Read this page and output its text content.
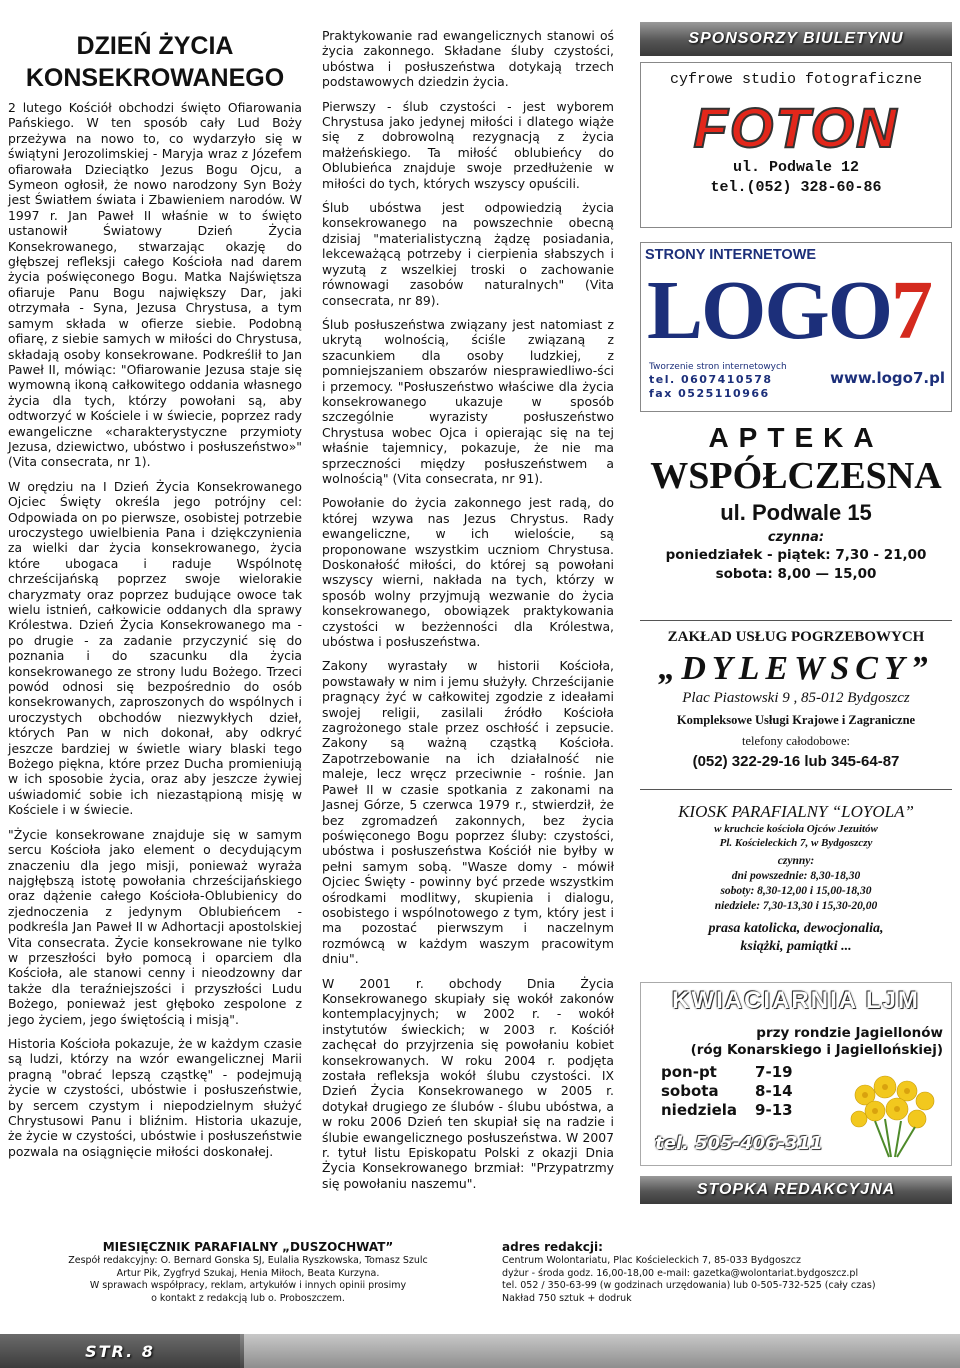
DZIEŃ ŻYCIA KONSEKROWANEGO

2 lutego Kościół obchodzi święto Ofiarowania Pańskiego. W ten sposób cały Lud Boży przeżywa na nowo to, co wydarzyło się w świątyni Jerozolimskiej - Maryja wraz z Józefem ofiarowała Dzieciątko Jezus Bogu Ojcu, a Symeon ogłosił, że nowo narodzony Syn Boży jest Światłem świata i Zbawieniem narodów. W 1997 r. Jan Paweł II właśnie w to święto ustanowił Światowy Dzień Życia Konsekrowanego, stwarzając okazję do głębszej refleksji całego Kościoła nad darem życia poświęconego Bogu. Matka Najświętsza ofiaruje Panu Bogu największy Dar, jaki otrzymała - Syna, Jezusa Chrystusa, a tym samym składa w ofierze siebie. Podobną ofiarę, z siebie samych w miłości do Chrystusa, składają osoby konsekrowane. Podkreślił to Jan Paweł II, mówiąc: "Ofiarowanie Jezusa staje się wymowną ikoną całkowitego oddania własnego życia dla tych, którzy powołani są, aby odtworzyć w Kościele i w świecie, poprzez rady ewangeliczne «charakterystyczne przymioty Jezusa, dziewictwo, ubóstwo i posłuszeństwo»" (Vita consecrata, nr 1).

W orędziu na I Dzień Życia Konsekrowanego Ojciec Święty określa jego potrójny cel: Odpowiada on po pierwsze, osobistej potrzebie uroczystego uwielbienia Pana i dziękczynienia za wielki dar życia konsekrowanego, życia które ubogaca i raduje Wspólnotę chrześcijańską poprzez swoje wielorakie charyzmaty oraz poprzez budujące owoce tak wielu istnień, całkowicie oddanych dla sprawy Królestwa. Dzień Życia Konsekrowanego ma - po drugie - za zadanie przyczynić się do poznania i do szacunku dla życia konsekrowanego ze strony ludu Bożego. Trzeci powód odnosi się bezpośrednio do osób konsekrowanych, zaproszonych do wspólnych i uroczystych obchodów niezwykłych dzieł, których Pan w nich dokonał, aby odkryć jeszcze bardziej w świetle wiary blaski tego Bożego piękna, które przez Ducha promieniują w ich sposobie życia, oraz aby jeszcze żywiej uświadomić sobie ich niezastąpioną misję w Kościele i w świecie.

"Życie konsekrowane znajduje się w samym sercu Kościoła jako element o decydującym znaczeniu dla jego misji, ponieważ wyraża najgłębszą istotę powołania chrześcijańskiego oraz dążenie całego Kościoła-Oblubienicy do zjednoczenia z jedynym Oblubieńcem - podkreśla Jan Paweł II w Adhortacji apostolskiej Vita consecrata. Życie konsekrowane nie tylko w przeszłości było pomocą i oparciem dla Kościoła, ale stanowi cenny i nieodzowny dar także dla teraźniejszości i przyszłości Ludu Bożego, ponieważ jest głęboko zespolone z jego życiem, jego świętością i misją".

Historia Kościoła pokazuje, że w każdym czasie są ludzi, którzy na wzór ewangelicznej Marii pragną "obrać lepszą cząstkę" - podejmują życie w czystości, ubóstwie i posłuszeństwie, by sercem czystym i niepodzielnym służyć Chrystusowi Panu i bliźnim. Historia ukazuje, że życie w czystości, ubóstwie i posłuszeństwie pozwala na osiągnięcie miłości doskonałej.

Praktykowanie rad ewangelicznych stanowi oś życia zakonnego. Składane śluby czystości, ubóstwa i posłuszeństwa dotykają trzech podstawowych dziedzin życia.

Pierwszy - ślub czystości - jest wyborem Chrystusa jako jedynej miłości i dlatego wiąże się z dobrowolną rezygnacją z życia małżeńskiego. Ta miłość oblubieńcy do Oblubieńca znajduje swoje przedłużenie w miłości do tych, których wszyscy opuścili.

Ślub ubóstwa jest odpowiedzią życia konsekrowanego na powszechnie obecną dzisiaj "materialistyczną żądzę posiadania, lekceważącą potrzeby i cierpienia słabszych i wyzutą z wszelkiej troski o zachowanie równowagi zasobów naturalnych" (Vita consecrata, nr 89).

Ślub posłuszeństwa związany jest natomiast z ukrytą wolnością, ściśle związaną z szacunkiem dla osoby ludzkiej, z pomniejszaniem obszarów niesprawiedliwo-ści i przemocy. "Posłuszeństwo właściwe dla życia konsekrowanego ukazuje w sposób szczególnie wyrazisty posłuszeństwo Chrystusa wobec Ojca i opierając się na tej właśnie tajemnicy, pokazuje, że nie ma sprzeczności między posłuszeństwem a wolnością" (Vita consecrata, nr 91).

Powołanie do życia zakonnego jest radą, do której wzywa nas Jezus Chrystus. Rady ewangeliczne, w ich wieloście, są proponowane wszystkim uczniom Chrystusa. Doskonałość miłości, do której są powołani wszyscy wierni, nakłada na tych, którzy w sposób wolny przyjmują wezwanie do życia konsekrowanego, obowiązek praktykowania czystości w bezżenności dla Królestwa, ubóstwa i posłuszeństwa.

Zakony wyrastały w historii Kościoła, powstawały w nim i jemu służyły. Chrześcijanie pragnący żyć w całkowitej zgodzie z ideałami swojej religii, zasilali źródło Kościoła zagrożonego stale przez oschłość i zepsucie. Zakony są ważną cząstką Kościoła. Zapotrzebowanie na ich działalność nie maleje, lecz wręcz przeciwnie - rośnie. Jan Paweł II w czasie spotkania z zakonami na Jasnej Górze, 5 czerwca 1979 r., stwierdził, że bez zgromadzeń zakonnych, bez życia poświęconego Bogu poprzez śluby: czystości, ubóstwa i posłuszeństwa Kościół nie byłby w pełni samym sobą. "Wasze domy - mówił Ojciec Święty - powinny być przede wszystkim ośrodkami modlitwy, skupienia i dialogu, osobistego i wspólnotowego z tym, który jest i ma pozostać pierwszym i naczelnym rozmówcą w każdym waszym pracowitym dniu".

W 2001 r. obchody Dnia Życia Konsekrowanego skupiały się wokół zakonów kontemplacyjnych; w 2002 r. - wokół instytutów świeckich; w 2003 r. Kościół zachęcał do przyjrzenia się powołaniu kobiet konsekrowanych. W roku 2004 r. podjęta została refleksja wokół ślubu czystości. IX Dzień Życia Konsekrowanego w 2005 r. dotykał drugiego ze ślubów - ślubu ubóstwa, a w roku 2006 Dzień ten skupiał się na radzie i ślubie ewangelicznego posłuszeństwa. W 2007 r. tytuł listu Episkopatu Polski z okazji Dnia Życia Konsekrowanego brzmiał: "Przypatrzmy się powołaniu naszemu".

SPONSORZY BIULETYNU
cyfrowe studio fotograficzne
FOTON
ul. Podwale 12
tel.(052) 328-60-86
STRONY INTERNETOWE
LOGO7
Tworzenie stron internetowych
tel. 0607410578
fax 0525110966
www.logo7.pl
APTEKA
WSPÓŁCZESNA
ul. Podwale 15
czynna:
poniedziałek - piątek: 7,30 - 21,00
sobota: 8,00 — 15,00
ZAKŁAD USŁUG POGRZEBOWYCH
„DYLEWSCY”
Plac Piastowski 9 , 85-012 Bydgoszcz
Kompleksowe Usługi Krajowe i Zagraniczne
telefony całodobowe:
(052) 322-29-16 lub 345-64-87
KIOSK PARAFIALNY “LOYOLA”
w kruchcie kościoła Ojców Jezuitów
Pl. Kościeleckich 7, w Bydgoszczy
czynny:
dni powszednie: 8,30-18,30
soboty: 8,30-12,00 i 15,00-18,30
niedziele: 7,30-13,30 i 15,30-20,00
prasa katolicka, dewocjonalia,
książki, pamiątki ...
KWIACIARNIA LJM
przy rondzie Jagiellonów
(róg Konarskiego i Jagiellońskiej)
pon-pt	7-19
sobota	8-14
niedziela	9-13
tel. 505-406-311
STOPKA REDAKCYJNA
MIESIĘCZNIK PARAFIALNY „DUSZOCHWAT”
Zespół redakcyjny: O. Bernard Gonska SJ, Eulalia Ryszkowska, Tomasz Szulc
Artur Pik, Zygfryd Szukaj, Henia Miłoch, Beata Kurzyna.
W sprawach współpracy, reklam, artykułów i innych opinii prosimy
o kontakt z redakcją lub o. Proboszczem.
adres redakcji:
Centrum Wolontariatu, Plac Kościeleckich 7, 85-033 Bydgoszcz
dyżur - środa godz. 16,00-18,00 e-mail: gazetka@wolontariat.bydgoszcz.pl
tel. 052 / 350-63-99 (w godzinach urzędowania) lub 0-505-732-525 (cały czas)
Nakład 750 sztuk + dodruk
STR. 8
